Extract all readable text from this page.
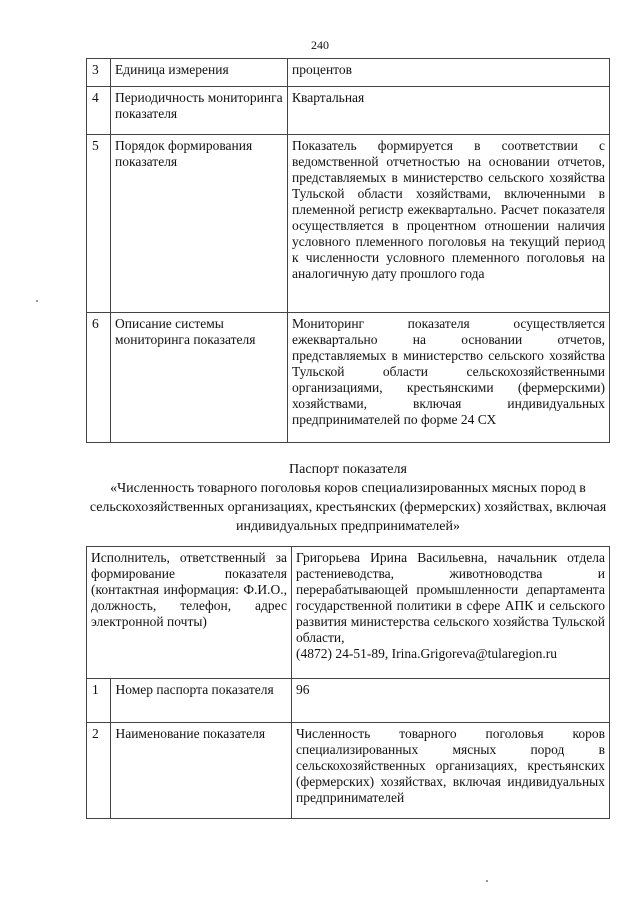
240
3	Единица измерения	процентов
4	Периодичность мониторинга показателя	Квартальная
5	Порядок формирования показателя	Показатель формируется в соответствии с ведомственной отчетностью на основании отчетов, представляемых в министерство сельского хозяйства Тульской области хозяйствами, включенными в племенной регистр ежеквартально. Расчет показателя осуществляется в процентном отношении наличия условного племенного поголовья на текущий период к численности условного племенного поголовья на аналогичную дату прошлого года
6	Описание системы мониторинга показателя	Мониторинг показателя осуществляется ежеквартально на основании отчетов, представляемых в министерство сельского хозяйства Тульской области сельскохозяйственными организациями, крестьянскими (фермерскими) хозяйствами, включая индивидуальных предпринимателей по форме 24 СХ
Паспорт показателя
«Численность товарного поголовья коров специализированных мясных пород в сельскохозяйственных организациях, крестьянских (фермерских) хозяйствах, включая индивидуальных предпринимателей»
Исполнитель, ответственный за формирование показателя (контактная информация: Ф.И.О., должность, телефон, адрес электронной почты)		Григорьева Ирина Васильевна, начальник отдела растениеводства, животноводства и перерабатывающей промышленности департамента государственной политики в сфере АПК и сельского развития министерства сельского хозяйства Тульской области,
(4872) 24-51-89, Irina.Grigoreva@tularegion.ru
1	Номер паспорта показателя	96
2	Наименование показателя	Численность товарного поголовья коров специализированных мясных пород в сельскохозяйственных организациях, крестьянских (фермерских) хозяйствах, включая индивидуальных предпринимателей
